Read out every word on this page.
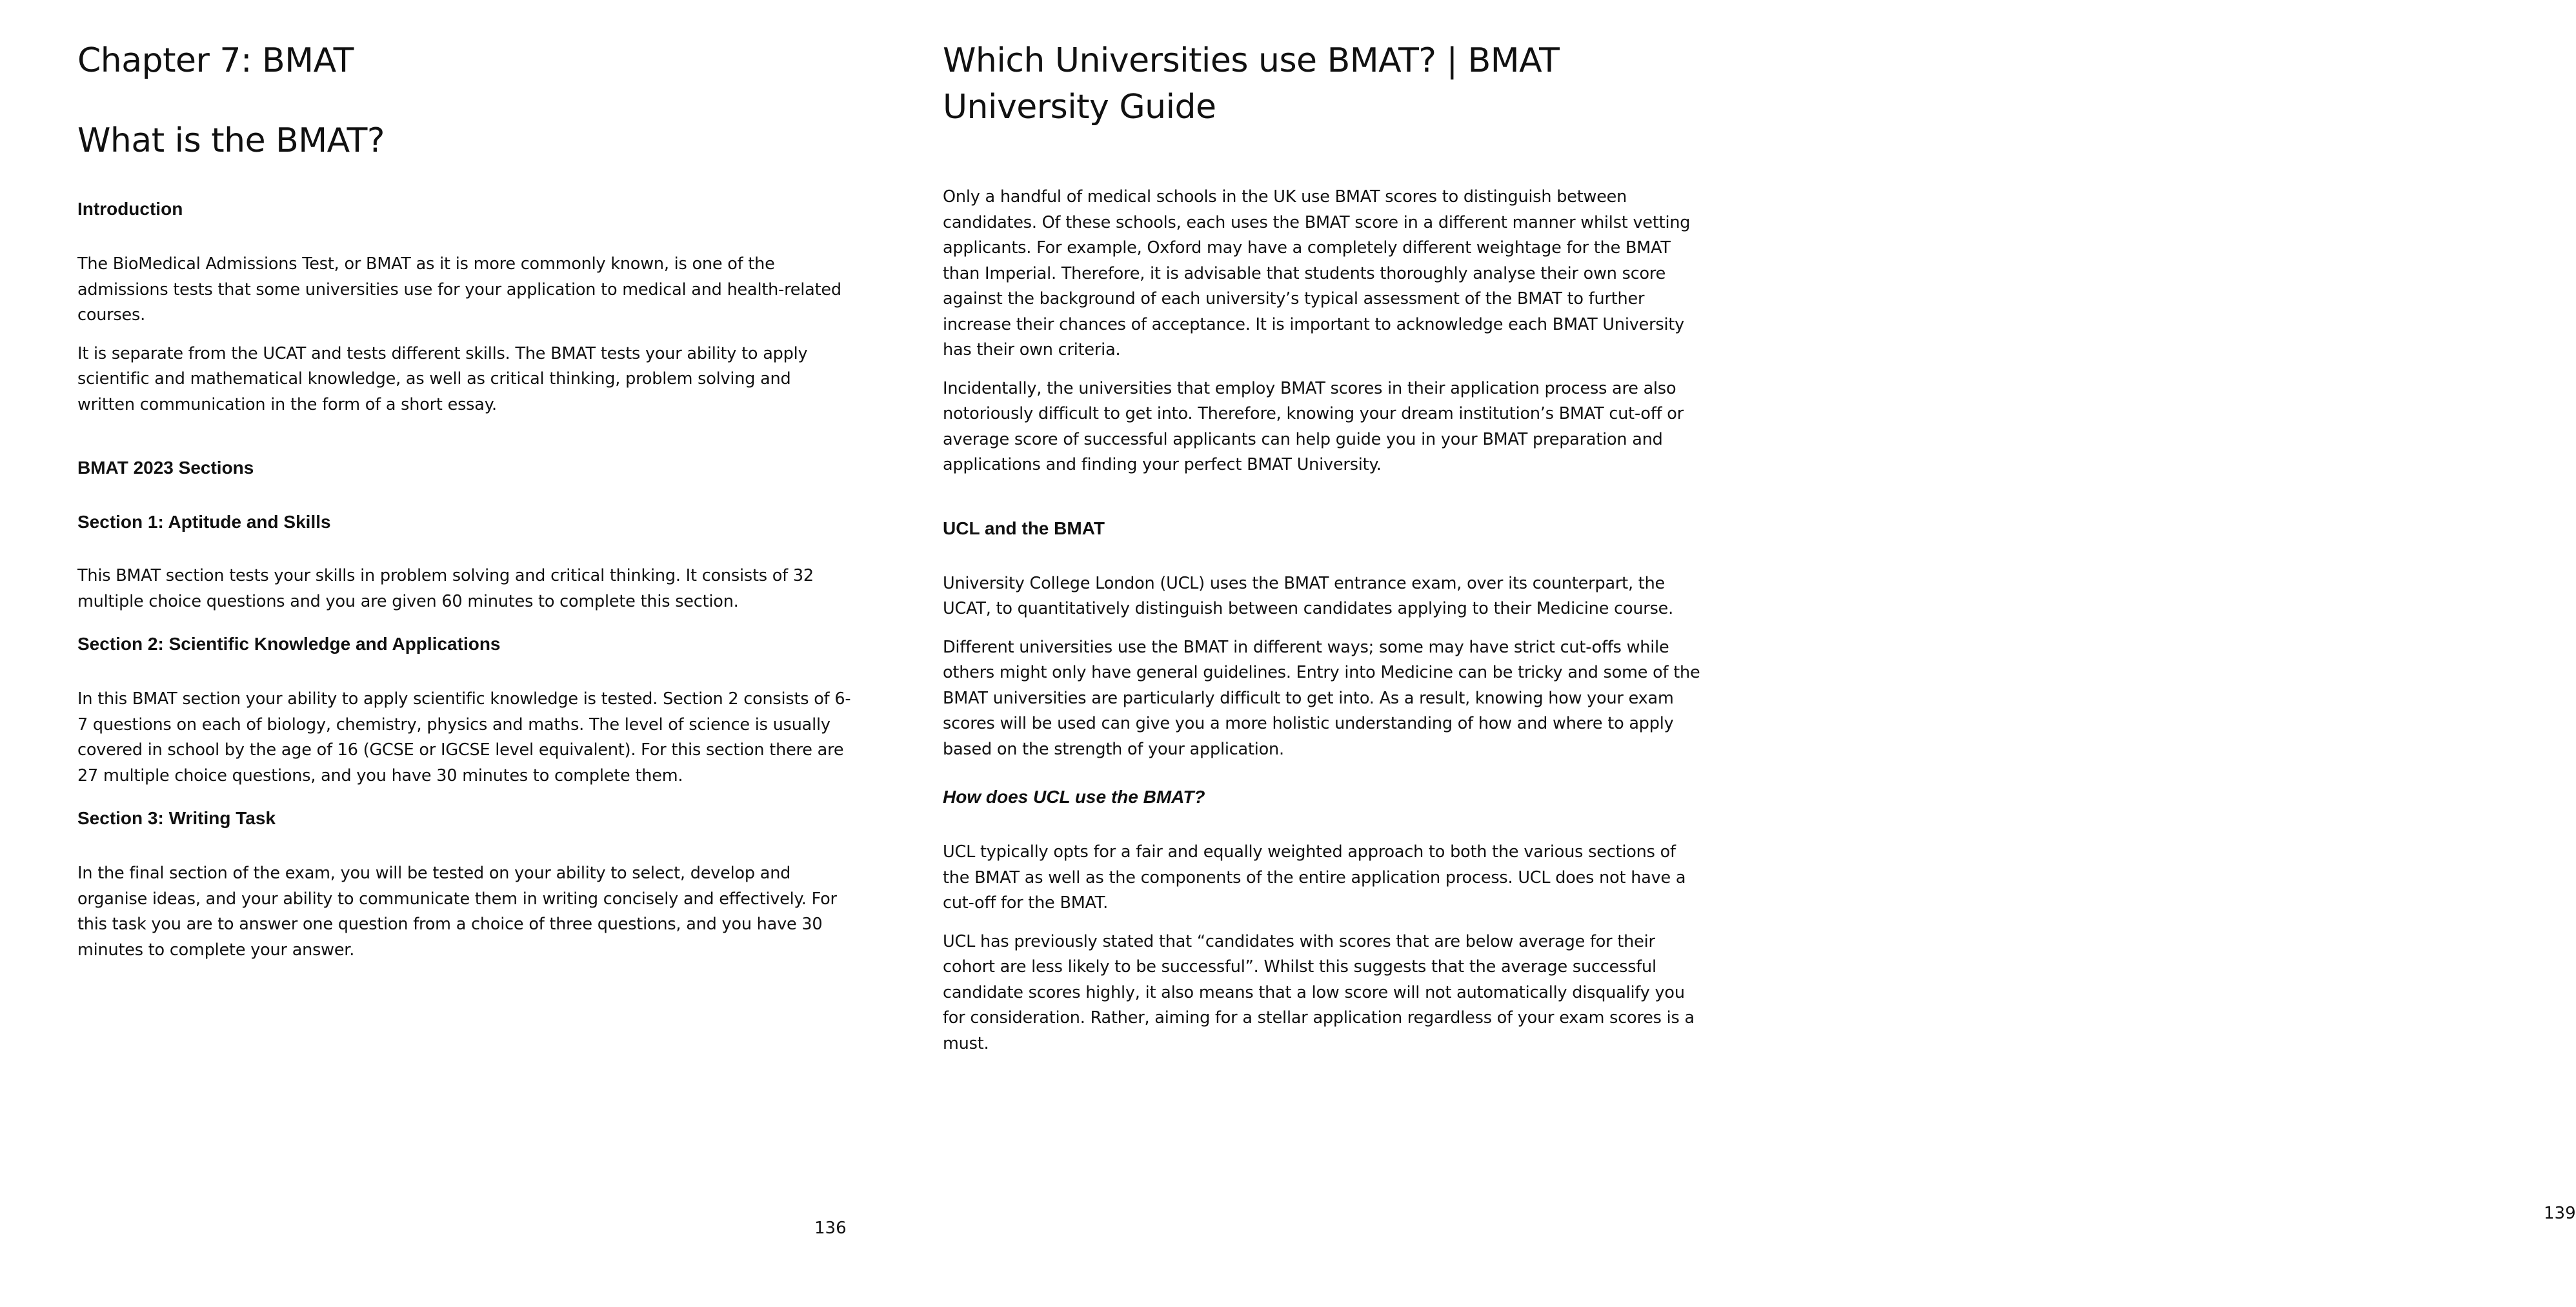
Chapter 7: BMAT
What is the BMAT?
Introduction

The BioMedical Admissions Test, or BMAT as it is more commonly known, is one of the admissions tests that some universities use for your application to medical and health-related courses.

It is separate from the UCAT and tests different skills. The BMAT tests your ability to apply scientific and mathematical knowledge, as well as critical thinking, problem solving and written communication in the form of a short essay.

BMAT 2023 Sections
Section 1: Aptitude and Skills

This BMAT section tests your skills in problem solving and critical thinking. It consists of 32 multiple choice questions and you are given 60 minutes to complete this section.

Section 2: Scientific Knowledge and Applications

In this BMAT section your ability to apply scientific knowledge is tested. Section 2 consists of 6-7 questions on each of biology, chemistry, physics and maths. The level of science is usually covered in school by the age of 16 (GCSE or IGCSE level equivalent). For this section there are 27 multiple choice questions, and you have 30 minutes to complete them.

Section 3: Writing Task

In the final section of the exam, you will be tested on your ability to select, develop and organise ideas, and your ability to communicate them in writing concisely and effectively. For this task you are to answer one question from a choice of three questions, and you have 30 minutes to complete your answer.

136
Which Universities use BMAT? | BMAT University Guide

Only a handful of medical schools in the UK use BMAT scores to distinguish between candidates. Of these schools, each uses the BMAT score in a different manner whilst vetting applicants. For example, Oxford may have a completely different weightage for the BMAT than Imperial. Therefore, it is advisable that students thoroughly analyse their own score against the background of each university’s typical assessment of the BMAT to further increase their chances of acceptance. It is important to acknowledge each BMAT University has their own criteria.

Incidentally, the universities that employ BMAT scores in their application process are also notoriously difficult to get into. Therefore, knowing your dream institution’s BMAT cut-off or average score of successful applicants can help guide you in your BMAT preparation and applications and finding your perfect BMAT University.

UCL and the BMAT

University College London (UCL) uses the BMAT entrance exam, over its counterpart, the UCAT, to quantitatively distinguish between candidates applying to their Medicine course.

Different universities use the BMAT in different ways; some may have strict cut-offs while others might only have general guidelines. Entry into Medicine can be tricky and some of the BMAT universities are particularly difficult to get into. As a result, knowing how your exam scores will be used can give you a more holistic understanding of how and where to apply based on the strength of your application.

How does UCL use the BMAT?

UCL typically opts for a fair and equally weighted approach to both the various sections of the BMAT as well as the components of the entire application process. UCL does not have a cut-off for the BMAT.

UCL has previously stated that “candidates with scores that are below average for their cohort are less likely to be successful”. Whilst this suggests that the average successful candidate scores highly, it also means that a low score will not automatically disqualify you for consideration. Rather, aiming for a stellar application regardless of your exam scores is a must.

139
